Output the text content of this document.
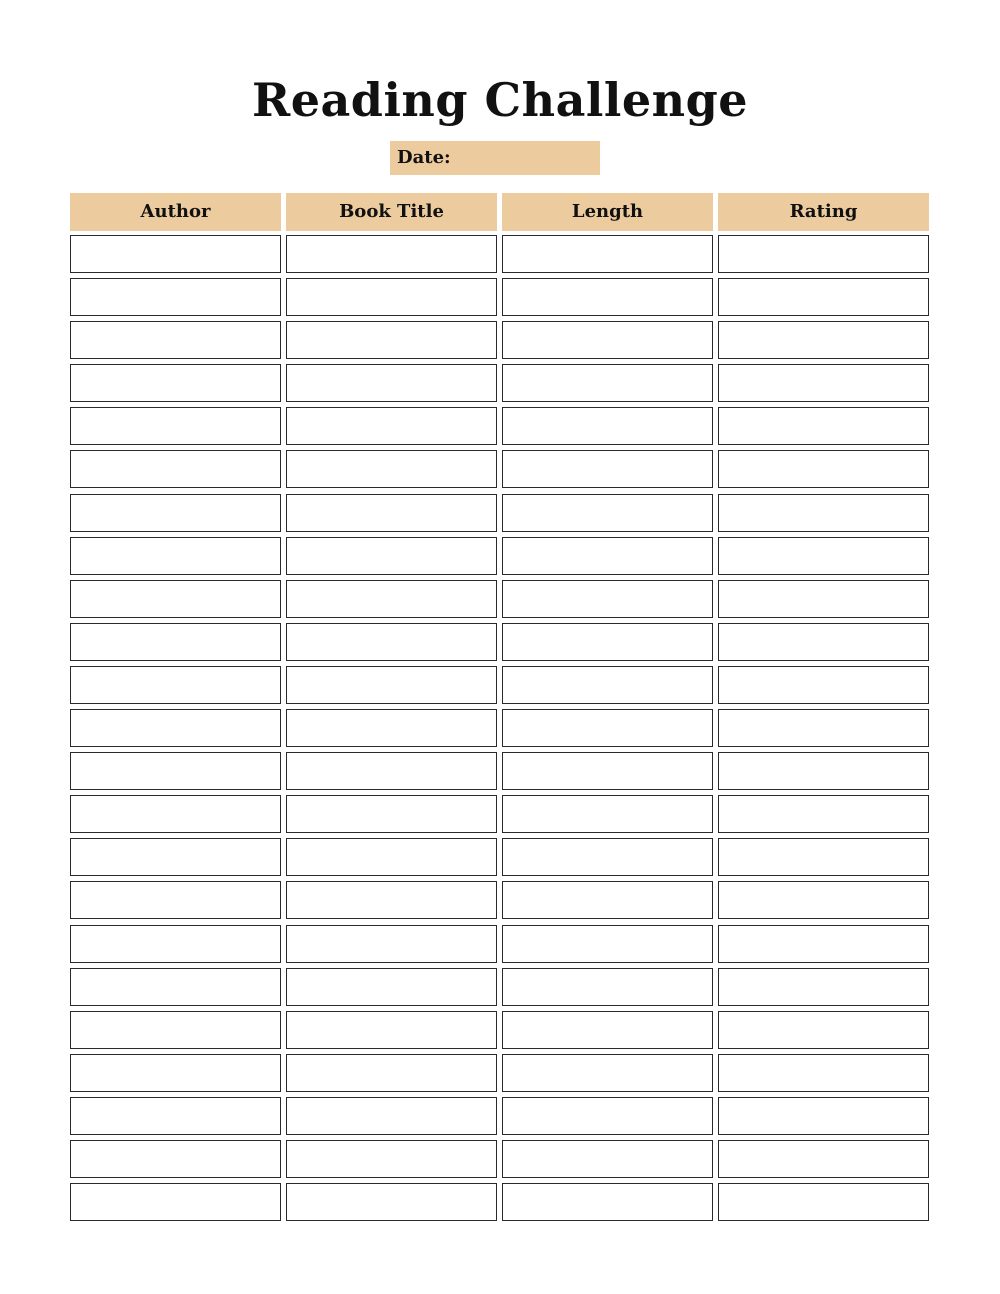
Reading Challenge
Date:
Author	Book Title	Length	Rating
